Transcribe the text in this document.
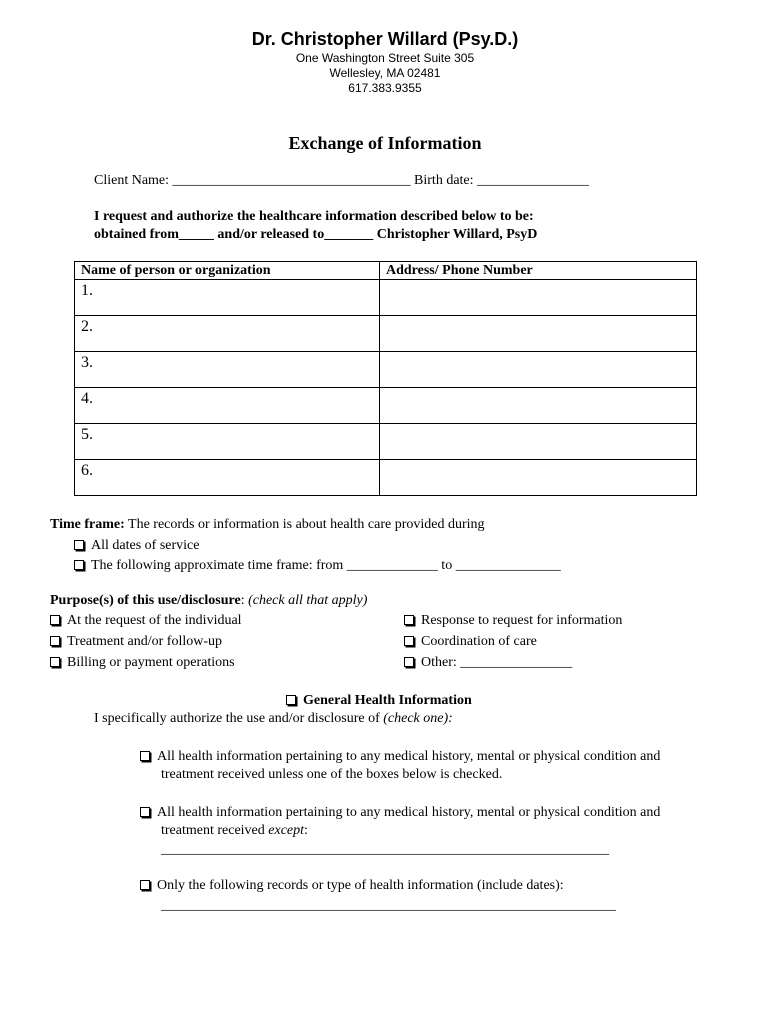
Dr. Christopher Willard (Psy.D.)
One Washington Street Suite 305
Wellesley, MA 02481
617.383.9355
Exchange of Information
Client Name: __________________________________ Birth date: ________________
I request and authorize the healthcare information described below to be:
obtained from_____ and/or released to_______ Christopher Willard, PsyD
Name of person or organization	Address/ Phone Number
1.	
2.	
3.	
4.	
5.	
6.	
Time frame: The records or information is about health care provided during
All dates of service
The following approximate time frame: from _____________ to _______________
Purpose(s) of this use/disclosure: (check all that apply)
At the request of the individual
Treatment and/or follow-up
Billing or payment operations
Response to request for information
Coordination of care
Other: ________________
General Health Information
I specifically authorize the use and/or disclosure of (check one):
All health information pertaining to any medical history, mental or physical condition and
treatment received unless one of the boxes below is checked.
All health information pertaining to any medical history, mental or physical condition and
treatment received except:
________________________________________________________________
Only the following records or type of health information (include dates):
_________________________________________________________________
